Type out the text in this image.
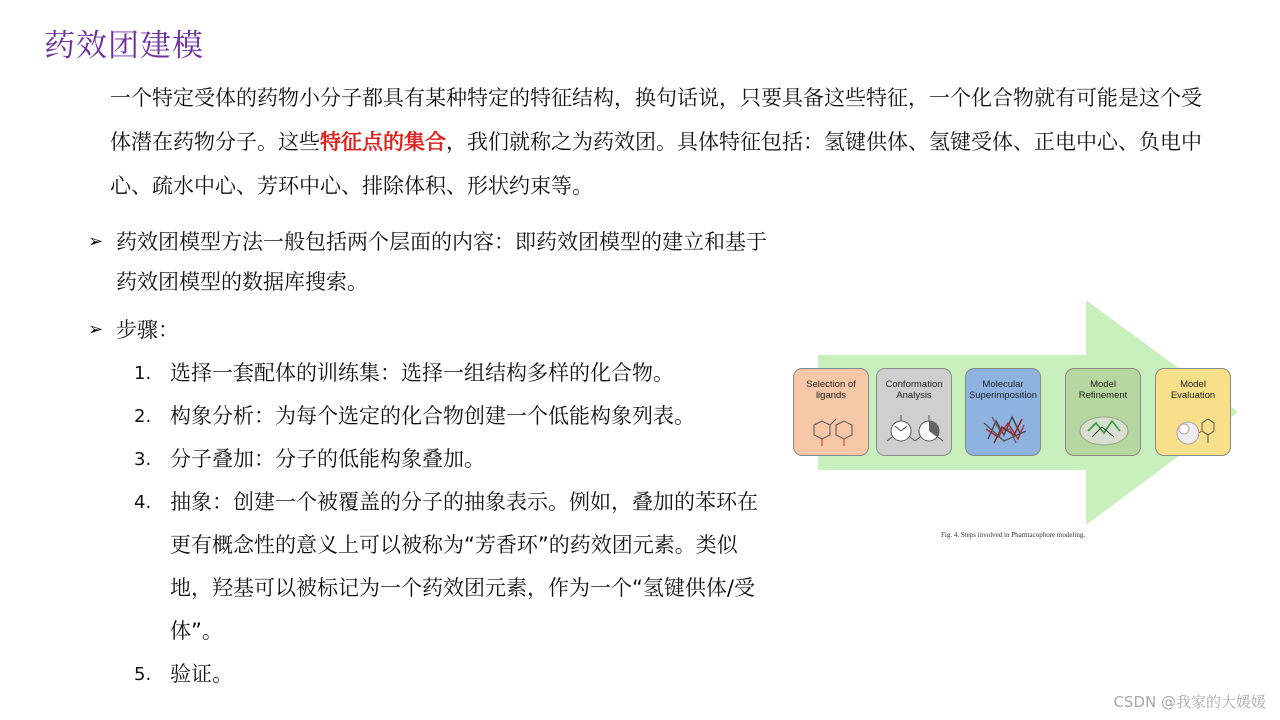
药效团建模
一个特定受体的药物小分子都具有某种特定的特征结构，换句话说，只要具备这些特征，一个化合物就有可能是这个受体潜在药物分子。这些特征点的集合，我们就称之为药效团。具体特征包括：氢键供体、氢键受体、正电中心、负电中心、疏水中心、芳环中心、排除体积、形状约束等。
➢ 药效团模型方法一般包括两个层面的内容：即药效团模型的建立和基于药效团模型的数据库搜索。
➢ 步骤：
1. 选择一套配体的训练集：选择一组结构多样的化合物。
2. 构象分析：为每个选定的化合物创建一个低能构象列表。
3. 分子叠加：分子的低能构象叠加。
4. 抽象：创建一个被覆盖的分子的抽象表示。例如，叠加的苯环在更有概念性的意义上可以被称为“芳香环”的药效团元素。类似地，羟基可以被标记为一个药效团元素，作为一个“氢键供体/受体”。
5. 验证。
Selection of ligands
Conformation Analysis
Molecular Superimposition
Model Refinement
Model Evaluation
Fig. 4. Steps involved in Pharmacophore modeling.
CSDN @我家的大媛媛
